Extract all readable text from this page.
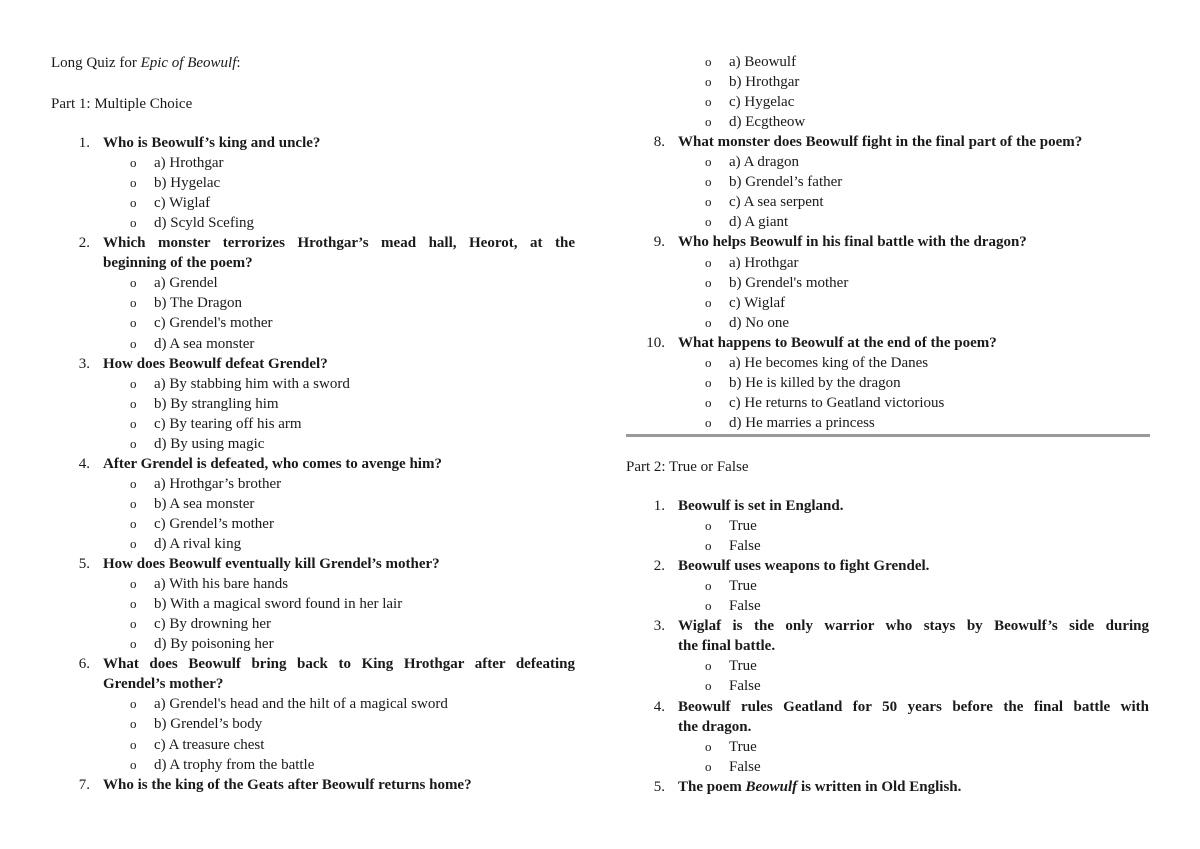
Long Quiz for Epic of Beowulf:
Part 1: Multiple Choice
1. Who is Beowulf’s king and uncle?
o a) Hrothgar
o b) Hygelac
o c) Wiglaf
o d) Scyld Scefing
2. Which monster terrorizes Hrothgar’s mead hall, Heorot, at the
beginning of the poem?
o a) Grendel
o b) The Dragon
o c) Grendel's mother
o d) A sea monster
3. How does Beowulf defeat Grendel?
o a) By stabbing him with a sword
o b) By strangling him
o c) By tearing off his arm
o d) By using magic
4. After Grendel is defeated, who comes to avenge him?
o a) Hrothgar’s brother
o b) A sea monster
o c) Grendel’s mother
o d) A rival king
5. How does Beowulf eventually kill Grendel’s mother?
o a) With his bare hands
o b) With a magical sword found in her lair
o c) By drowning her
o d) By poisoning her
6. What does Beowulf bring back to King Hrothgar after defeating
Grendel’s mother?
o a) Grendel's head and the hilt of a magical sword
o b) Grendel’s body
o c) A treasure chest
o d) A trophy from the battle
7. Who is the king of the Geats after Beowulf returns home?
o a) Beowulf
o b) Hrothgar
o c) Hygelac
o d) Ecgtheow
8. What monster does Beowulf fight in the final part of the poem?
o a) A dragon
o b) Grendel’s father
o c) A sea serpent
o d) A giant
9. Who helps Beowulf in his final battle with the dragon?
o a) Hrothgar
o b) Grendel's mother
o c) Wiglaf
o d) No one
10. What happens to Beowulf at the end of the poem?
o a) He becomes king of the Danes
o b) He is killed by the dragon
o c) He returns to Geatland victorious
o d) He marries a princess
Part 2: True or False
1. Beowulf is set in England.
o True
o False
2. Beowulf uses weapons to fight Grendel.
o True
o False
3. Wiglaf is the only warrior who stays by Beowulf’s side during
the final battle.
o True
o False
4. Beowulf rules Geatland for 50 years before the final battle with
the dragon.
o True
o False
5. The poem Beowulf is written in Old English.
